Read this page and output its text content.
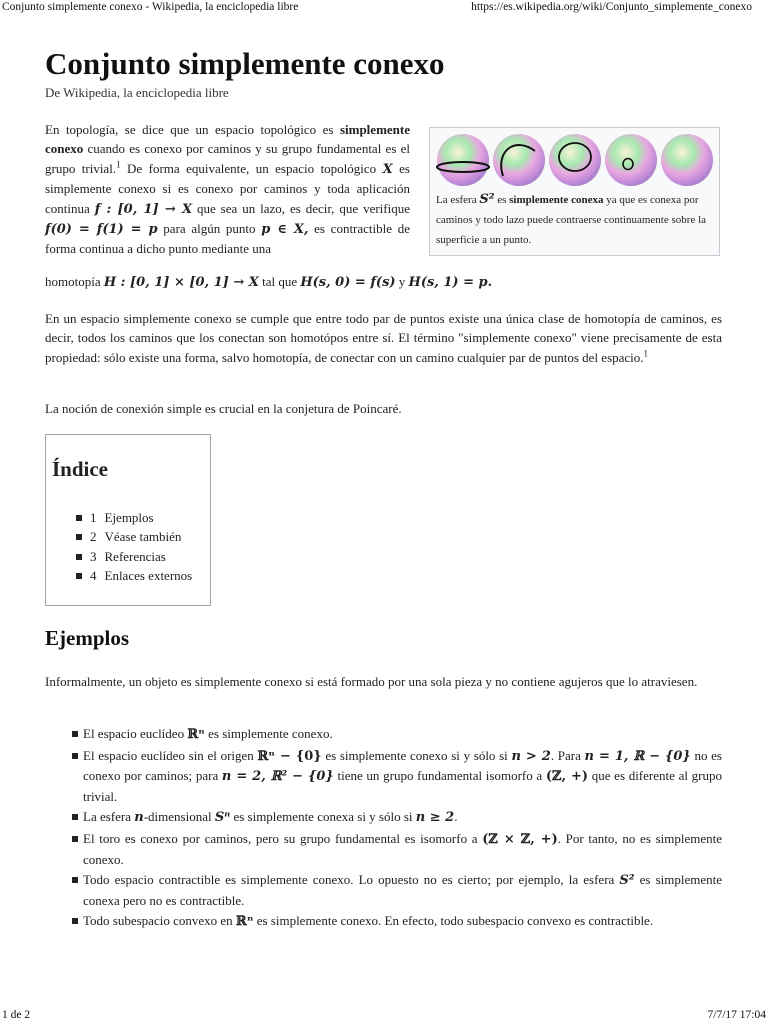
Conjunto simplemente conexo - Wikipedia, la enciclopedia libre	https://es.wikipedia.org/wiki/Conjunto_simplemente_conexo
Conjunto simplemente conexo
De Wikipedia, la enciclopedia libre

En topología, se dice que un espacio topológico es simplemente conexo cuando es conexo por caminos y su grupo fundamental es el grupo trivial.$^1$ De forma equivalente, un espacio topológico X es simplemente conexo si es conexo por caminos y toda aplicación continua f : [0, 1] → X que sea un lazo, es decir, que verifique f(0) = f(1) = p para algún punto p ∈ X, es contractible de forma continua a dicho punto mediante una

homotopía H : [0, 1] × [0, 1] → X tal que H(s, 0) = f(s) y H(s, 1) = p.
La esfera S² es simplemente conexa ya que es conexa por caminos y todo lazo puede contraerse continuamente sobre la superficie a un punto.

En un espacio simplemente conexo se cumple que entre todo par de puntos existe una única clase de homotopía de caminos, es decir, todos los caminos que los conectan son homotópos entre sí. El término "simplemente conexo" viene precisamente de esta propiedad: sólo existe una forma, salvo homotopía, de conectar con un camino cualquier par de puntos del espacio.$^1$

La noción de conexión simple es crucial en la conjetura de Poincaré.

Índice
1 Ejemplos
2 Véase también
3 Referencias
4 Enlaces externos
Ejemplos

Informalmente, un objeto es simplemente conexo si está formado por una sola pieza y no contiene agujeros que lo atraviesen.

El espacio euclídeo ℝⁿ es simplemente conexo.
El espacio euclídeo sin el origen ℝⁿ − {0} es simplemente conexo si y sólo si n > 2. Para n = 1, ℝ − {0} no es conexo por caminos; para n = 2, ℝ² − {0} tiene un grupo fundamental isomorfo a (ℤ, +) que es diferente al grupo trivial.
La esfera n-dimensional Sⁿ es simplemente conexa si y sólo si n ≥ 2.
El toro es conexo por caminos, pero su grupo fundamental es isomorfo a (ℤ × ℤ, +). Por tanto, no es simplemente conexo.
Todo espacio contractible es simplemente conexo. Lo opuesto no es cierto; por ejemplo, la esfera S² es simplemente conexa pero no es contractible.
Todo subespacio convexo en ℝⁿ es simplemente conexo. En efecto, todo subespacio convexo es contractible.
1 de 2	7/7/17 17:04
